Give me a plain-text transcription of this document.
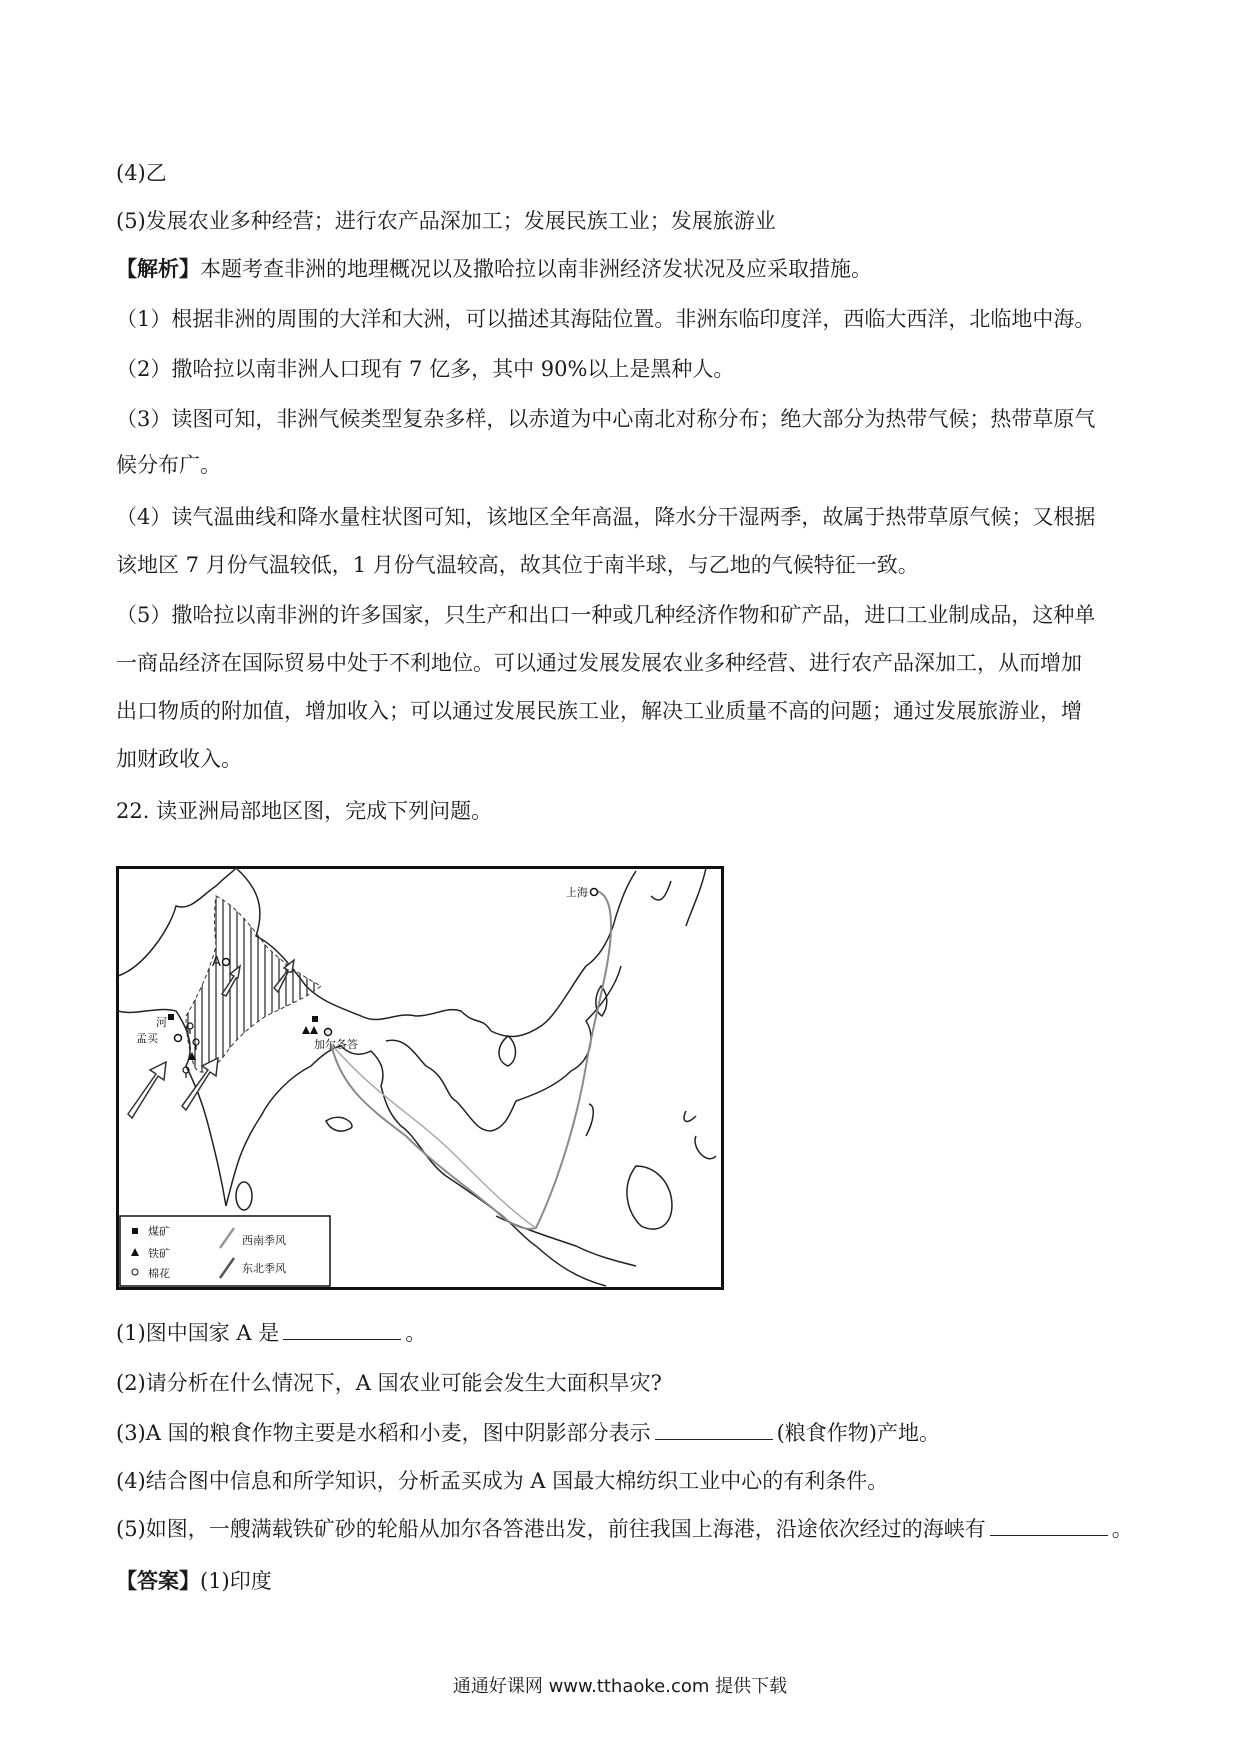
(4)乙
(5)发展农业多种经营；进行农产品深加工；发展民族工业；发展旅游业
【解析】本题考查非洲的地理概况以及撒哈拉以南非洲经济发状况及应采取措施。
（1）根据非洲的周围的大洋和大洲，可以描述其海陆位置。非洲东临印度洋，西临大西洋，北临地中海。
（2）撒哈拉以南非洲人口现有 7 亿多，其中 90%以上是黑种人。
（3）读图可知，非洲气候类型复杂多样，以赤道为中心南北对称分布；绝大部分为热带气候；热带草原气
候分布广。
（4）读气温曲线和降水量柱状图可知，该地区全年高温，降水分干湿两季，故属于热带草原气候；又根据
该地区 7 月份气温较低，1 月份气温较高，故其位于南半球，与乙地的气候特征一致。
（5）撒哈拉以南非洲的许多国家，只生产和出口一种或几种经济作物和矿产品，进口工业制成品，这种单
一商品经济在国际贸易中处于不利地位。可以通过发展发展农业多种经营、进行农产品深加工，从而增加
出口物质的附加值，增加收入；可以通过发展民族工业，解决工业质量不高的问题；通过发展旅游业，增
加财政收入。
22. 读亚洲局部地区图，完成下列问题。
A
河
孟买	加尔各答
上海
煤矿
铁矿
棉花
西南季风
东北季风
(1)图中国家 A 是	。
(2)请分析在什么情况下，A 国农业可能会发生大面积旱灾?
(3)A 国的粮食作物主要是水稻和小麦，图中阴影部分表示	(粮食作物)产地。
(4)结合图中信息和所学知识，分析孟买成为 A 国最大棉纺织工业中心的有利条件。
(5)如图，一艘满载铁矿砂的轮船从加尔各答港出发，前往我国上海港，沿途依次经过的海峡有	。
【答案】(1)印度
通通好课网 www.tthaoke.com 提供下载
